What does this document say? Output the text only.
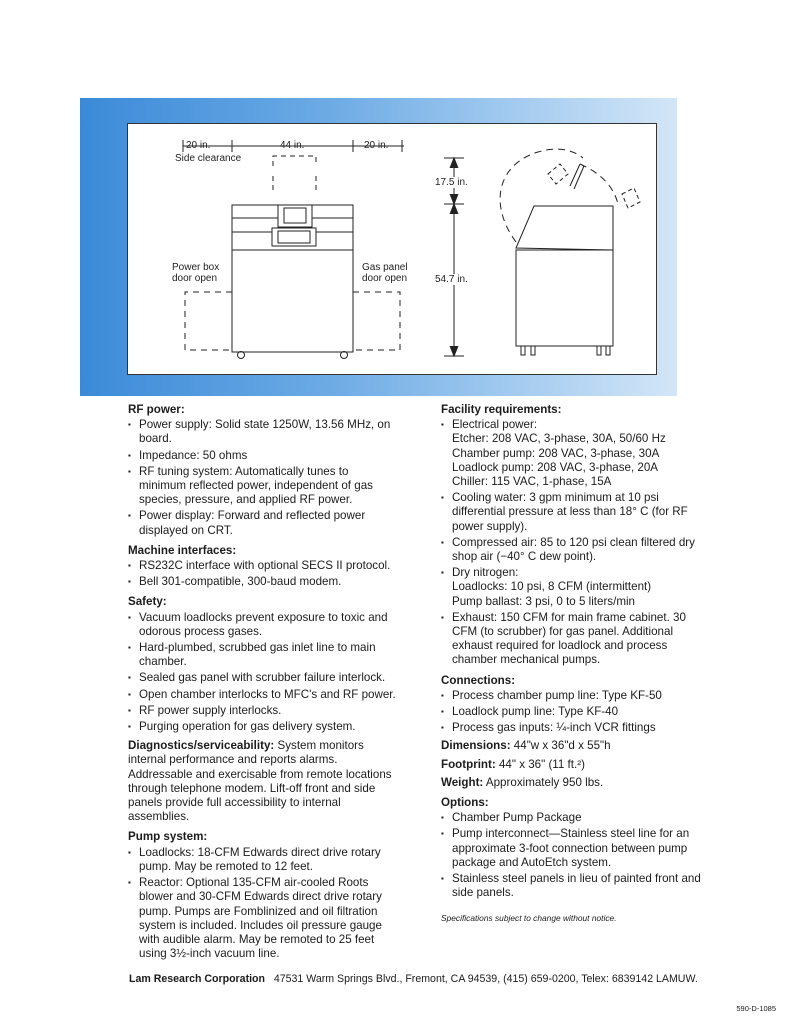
20 in.	44 in.	20 in.
Side clearance
Power box
door open
Gas panel
door open
17.5 in.
54.7 in.
RF power:
▪ Power supply: Solid state 1250W, 13.56 MHz, on board.
▪ Impedance: 50 ohms
▪ RF tuning system: Automatically tunes to minimum reflected power, independent of gas species, pressure, and applied RF power.
▪ Power display: Forward and reflected power displayed on CRT.
Machine interfaces:
▪ RS232C interface with optional SECS II protocol.
▪ Bell 301-compatible, 300-baud modem.
Safety:
▪ Vacuum loadlocks prevent exposure to toxic and odorous process gases.
▪ Hard-plumbed, scrubbed gas inlet line to main chamber.
▪ Sealed gas panel with scrubber failure interlock.
▪ Open chamber interlocks to MFC's and RF power.
▪ RF power supply interlocks.
▪ Purging operation for gas delivery system.

Diagnostics/serviceability: System monitors internal performance and reports alarms. Addressable and exercisable from remote locations through telephone modem. Lift-off front and side panels provide full accessibility to internal assemblies.

Pump system:
▪ Loadlocks: 18-CFM Edwards direct drive rotary pump. May be remoted to 12 feet.
▪ Reactor: Optional 135-CFM air-cooled Roots blower and 30-CFM Edwards direct drive rotary pump. Pumps are Fomblinized and oil filtration system is included. Includes oil pressure gauge with audible alarm. May be remoted to 25 feet using 3½-inch vacuum line.
Facility requirements:
▪ Electrical power:
Etcher: 208 VAC, 3-phase, 30A, 50/60 Hz
Chamber pump: 208 VAC, 3-phase, 30A
Loadlock pump: 208 VAC, 3-phase, 20A
Chiller: 115 VAC, 1-phase, 15A
▪ Cooling water: 3 gpm minimum at 10 psi differential pressure at less than 18° C (for RF power supply).
▪ Compressed air: 85 to 120 psi clean filtered dry shop air (−40° C dew point).
▪ Dry nitrogen:
Loadlocks: 10 psi, 8 CFM (intermittent)
Pump ballast: 3 psi, 0 to 5 liters/min
▪ Exhaust: 150 CFM for main frame cabinet. 30 CFM (to scrubber) for gas panel. Additional exhaust required for loadlock and process chamber mechanical pumps.
Connections:
▪ Process chamber pump line: Type KF-50
▪ Loadlock pump line: Type KF-40
▪ Process gas inputs: ¼-inch VCR fittings

Dimensions: 44"w x 36"d x 55"h

Footprint: 44" x 36" (11 ft.²)

Weight: Approximately 950 lbs.

Options:
▪ Chamber Pump Package
▪ Pump interconnect—Stainless steel line for an approximate 3-foot connection between pump package and AutoEtch system.
▪ Stainless steel panels in lieu of painted front and side panels.
Specifications subject to change without notice.
Lam Research Corporation 47531 Warm Springs Blvd., Fremont, CA 94539, (415) 659-0200, Telex: 6839142 LAMUW.
590-D-1085
